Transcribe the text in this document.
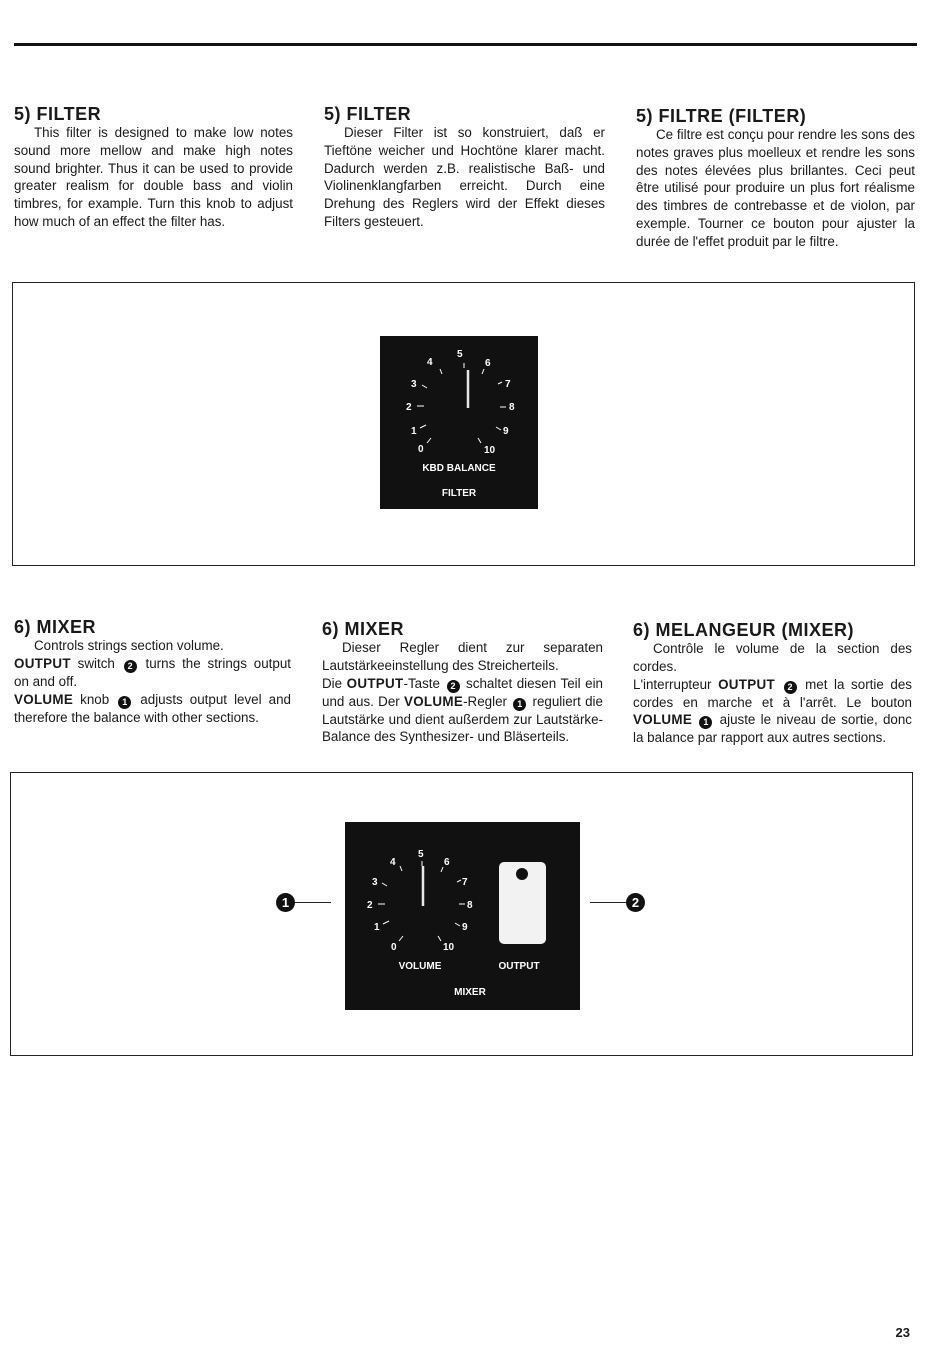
5) FILTER

This filter is designed to make low notes sound more mellow and make high notes sound brighter. Thus it can be used to provide greater realism for double bass and violin timbres, for example. Turn this knob to adjust how much of an effect the filter has.

5) FILTER

Dieser Filter ist so konstruiert, daß er Tieftöne weicher und Hochtöne klarer macht. Dadurch werden z.B. realistische Baß- und Violinenklangfarben erreicht. Durch eine Drehung des Reglers wird der Effekt dieses Filters gesteuert.

5) FILTRE (FILTER)

Ce filtre est conçu pour rendre les sons des notes graves plus moelleux et rendre les sons des notes élevées plus brillantes. Ceci peut être utilisé pour produire un plus fort réalisme des timbres de contrebasse et de violon, par exemple. Tourner ce bouton pour ajuster la durée de l'effet produit par le filtre.

0
1
2
3
4
5
6
7
8
9
10
KBD BALANCE
FILTER
6) MIXER

Controls strings section volume.

OUTPUT switch 2 turns the strings output on and off.

VOLUME knob 1 adjusts output level and therefore the balance with other sections.

6) MIXER

Dieser Regler dient zur separaten Lautstärkeeinstellung des Streicherteils.

Die OUTPUT-Taste 2 schaltet diesen Teil ein und aus. Der VOLUME-Regler 1 reguliert die Lautstärke und dient außerdem zur Lautstärke-Balance des Synthesizer- und Bläserteils.

6) MELANGEUR (MIXER)

Contrôle le volume de la section des cordes.

L'interrupteur OUTPUT 2 met la sortie des cordes en marche et à l'arrêt. Le bouton VOLUME 1 ajuste le niveau de sortie, donc la balance par rapport aux autres sections.

0
1
2
3
4
5
6
7
8
9
10
VOLUME	OUTPUT
MIXER
1	2
23
